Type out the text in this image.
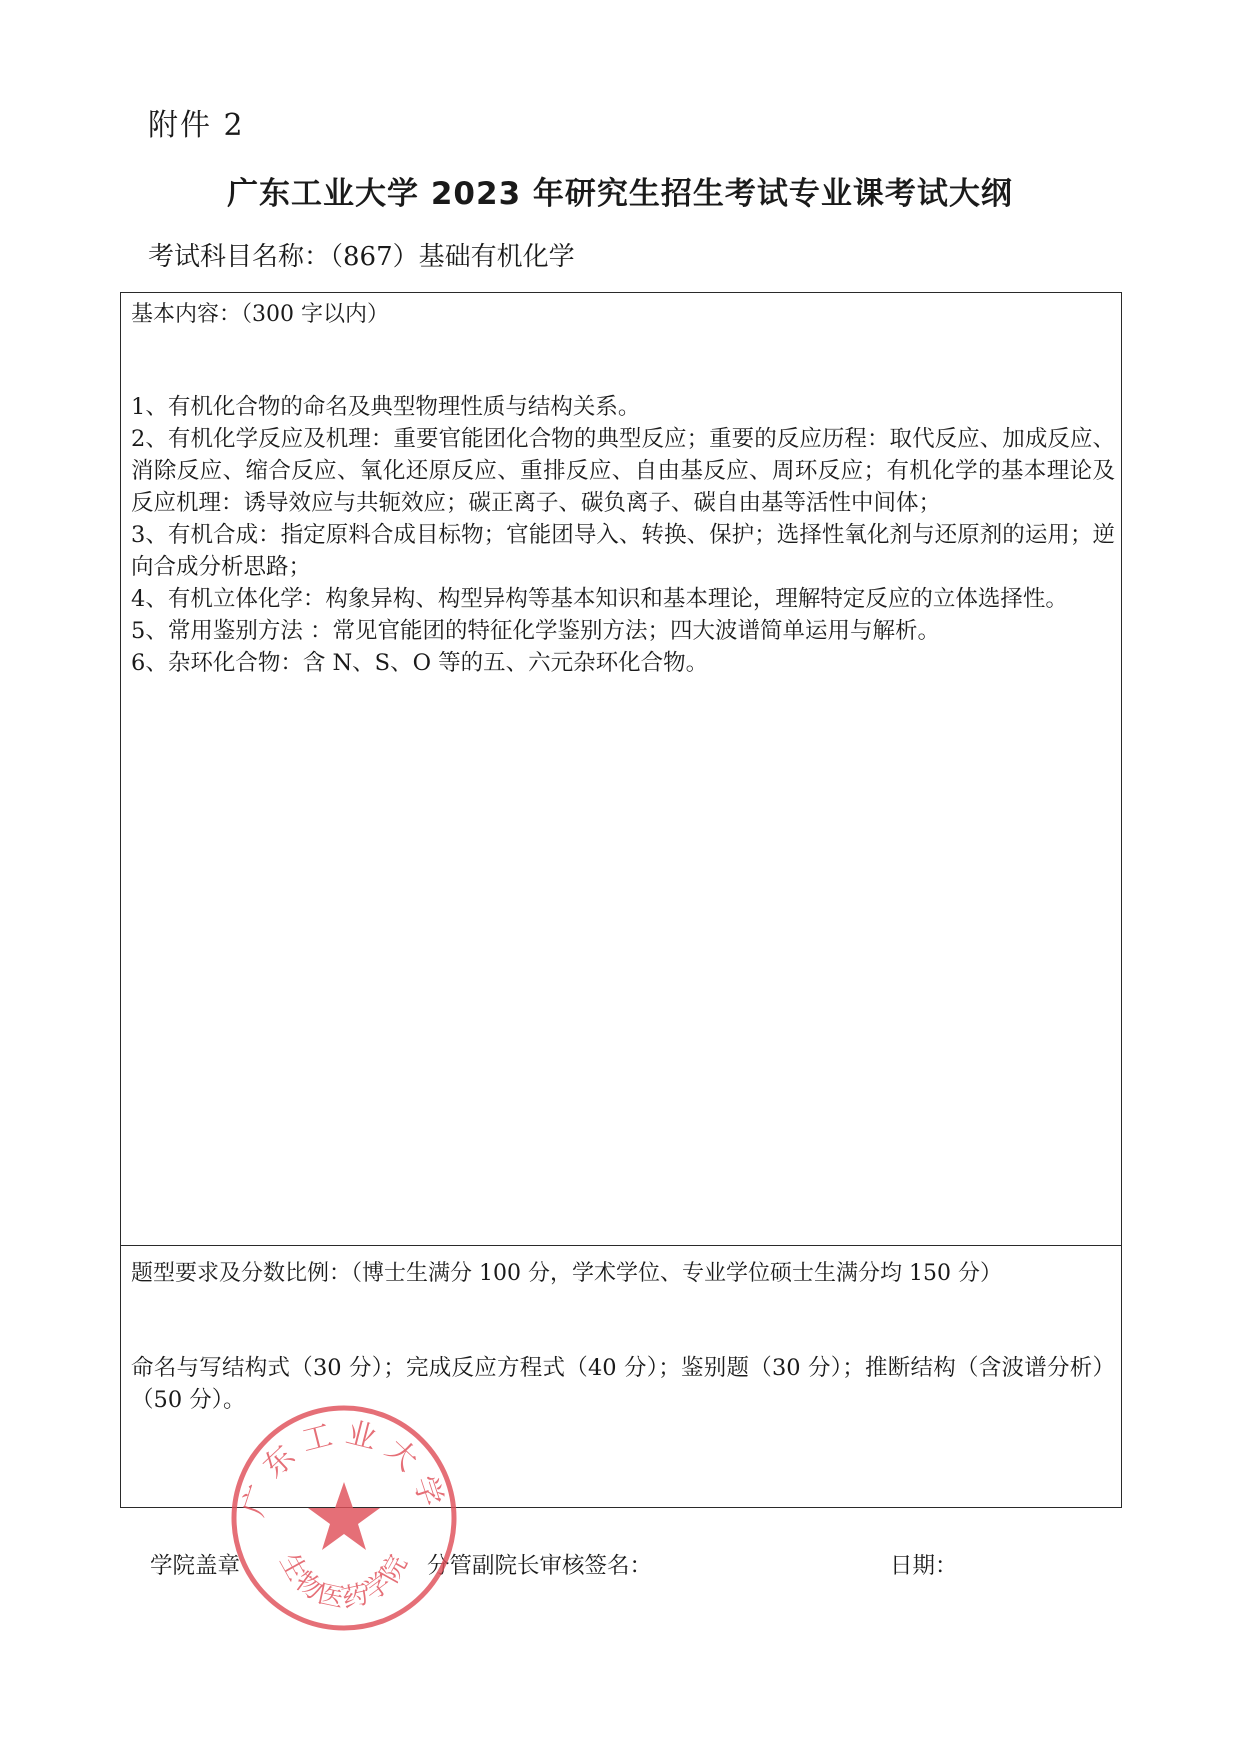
附件 2
广东工业大学 2023 年研究生招生考试专业课考试大纲
考试科目名称：（867）基础有机化学
基本内容：（300 字以内）

1、有机化合物的命名及典型物理性质与结构关系。

2、有机化学反应及机理：重要官能团化合物的典型反应；重要的反应历程：取代反应、加成反应、消除反应、缩合反应、氧化还原反应、重排反应、自由基反应、周环反应；有机化学的基本理论及反应机理：诱导效应与共轭效应；碳正离子、碳负离子、碳自由基等活性中间体；

3、有机合成：指定原料合成目标物；官能团导入、转换、保护；选择性氧化剂与还原剂的运用；逆向合成分析思路；

4、有机立体化学：构象异构、构型异构等基本知识和基本理论，理解特定反应的立体选择性。

5、常用鉴别方法 ：常见官能团的特征化学鉴别方法；四大波谱简单运用与解析。

6、杂环化合物：含 N、S、O 等的五、六元杂环化合物。

题型要求及分数比例：（博士生满分 100 分，学术学位、专业学位硕士生满分均 150 分）

命名与写结构式（30 分）；完成反应方程式（40 分）；鉴别题（30 分）；推断结构（含波谱分析）（50 分）。

学院盖章	分管副院长审核签名：	日期：
广东工业大学
生物医药学院
